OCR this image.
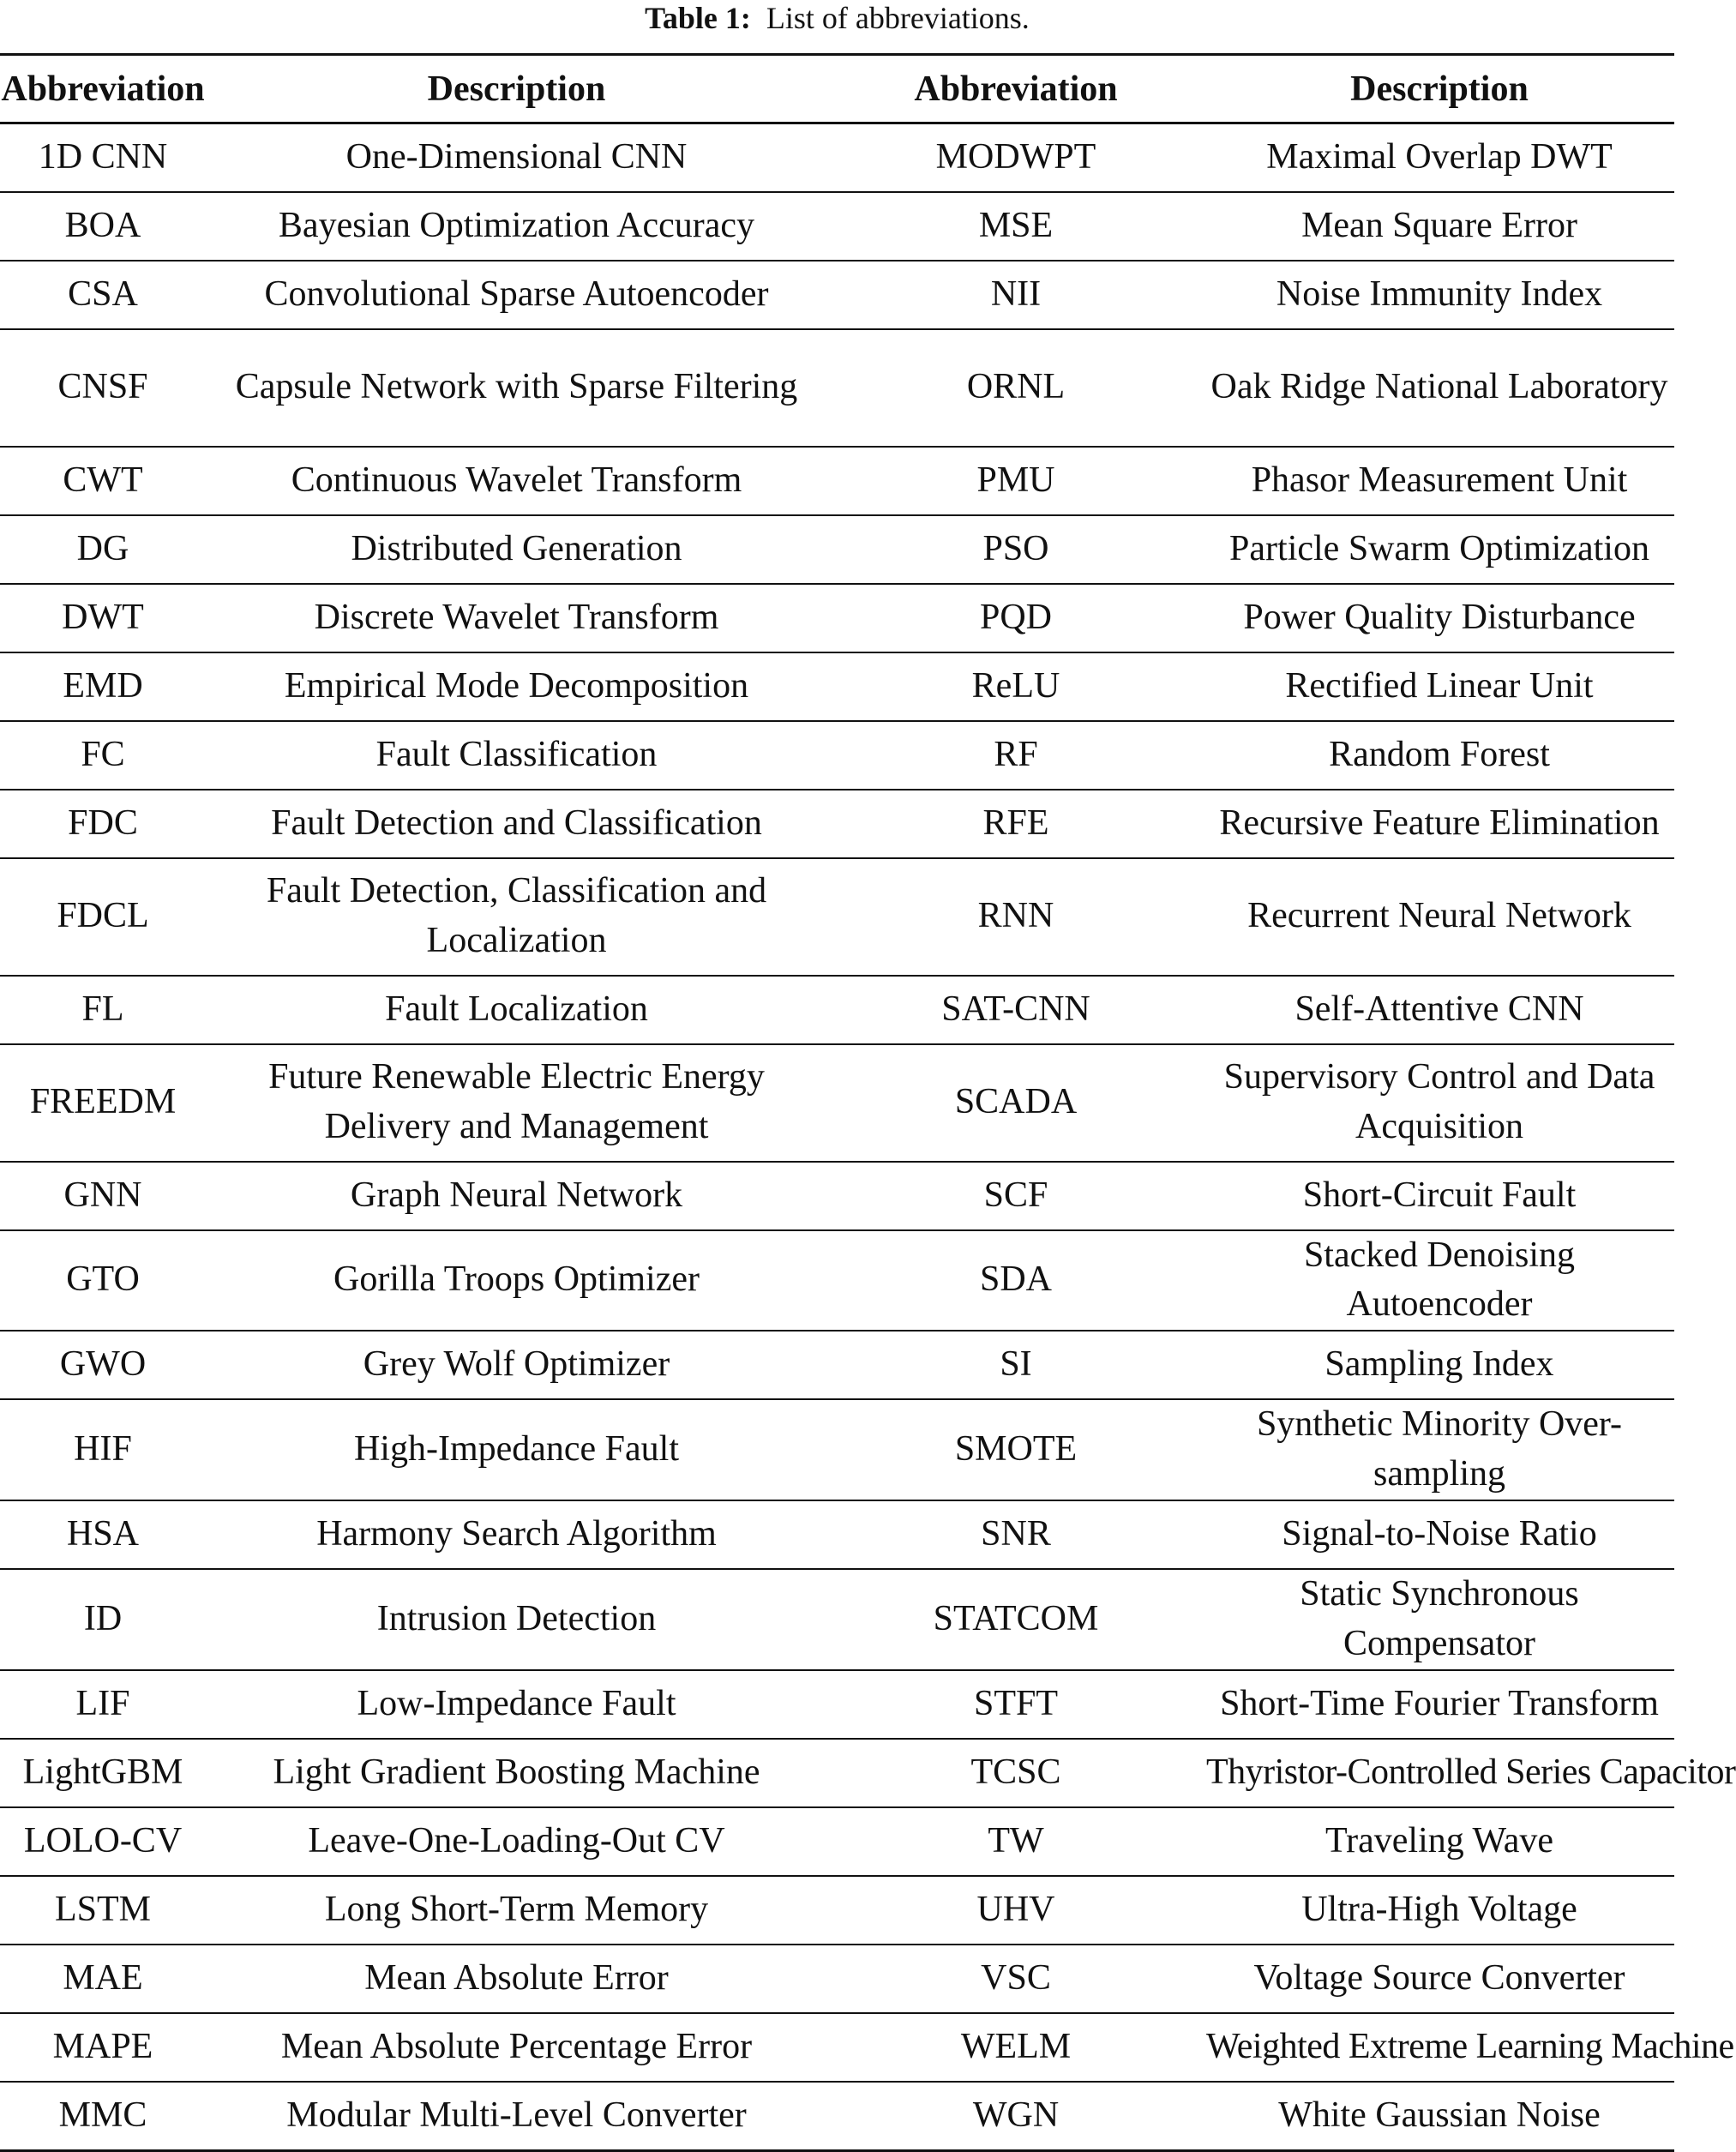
Table 1: List of abbreviations.
Abbreviation	Description	Abbreviation	Description
1D CNN	One-Dimensional CNN	MODWPT	Maximal Overlap DWT
BOA	Bayesian Optimization Accuracy	MSE	Mean Square Error
CSA	Convolutional Sparse Autoencoder	NII	Noise Immunity Index
CNSF	Capsule Network with Sparse Filtering	ORNL	Oak Ridge National Laboratory
CWT	Continuous Wavelet Transform	PMU	Phasor Measurement Unit
DG	Distributed Generation	PSO	Particle Swarm Optimization
DWT	Discrete Wavelet Transform	PQD	Power Quality Disturbance
EMD	Empirical Mode Decomposition	ReLU	Rectified Linear Unit
FC	Fault Classification	RF	Random Forest
FDC	Fault Detection and Classification	RFE	Recursive Feature Elimination
FDCL	Fault Detection, Classification and Localization	RNN	Recurrent Neural Network
FL	Fault Localization	SAT-CNN	Self-Attentive CNN
FREEDM	Future Renewable Electric Energy Delivery and Management	SCADA	Supervisory Control and Data Acquisition
GNN	Graph Neural Network	SCF	Short-Circuit Fault
GTO	Gorilla Troops Optimizer	SDA	Stacked Denoising Autoencoder
GWO	Grey Wolf Optimizer	SI	Sampling Index
HIF	High-Impedance Fault	SMOTE	Synthetic Minority Over-sampling
HSA	Harmony Search Algorithm	SNR	Signal-to-Noise Ratio
ID	Intrusion Detection	STATCOM	Static Synchronous Compensator
LIF	Low-Impedance Fault	STFT	Short-Time Fourier Transform
LightGBM	Light Gradient Boosting Machine	TCSC	Thyristor-Controlled Series Capacitor
LOLO-CV	Leave-One-Loading-Out CV	TW	Traveling Wave
LSTM	Long Short-Term Memory	UHV	Ultra-High Voltage
MAE	Mean Absolute Error	VSC	Voltage Source Converter
MAPE	Mean Absolute Percentage Error	WELM	Weighted Extreme Learning Machine
MMC	Modular Multi-Level Converter	WGN	White Gaussian Noise
